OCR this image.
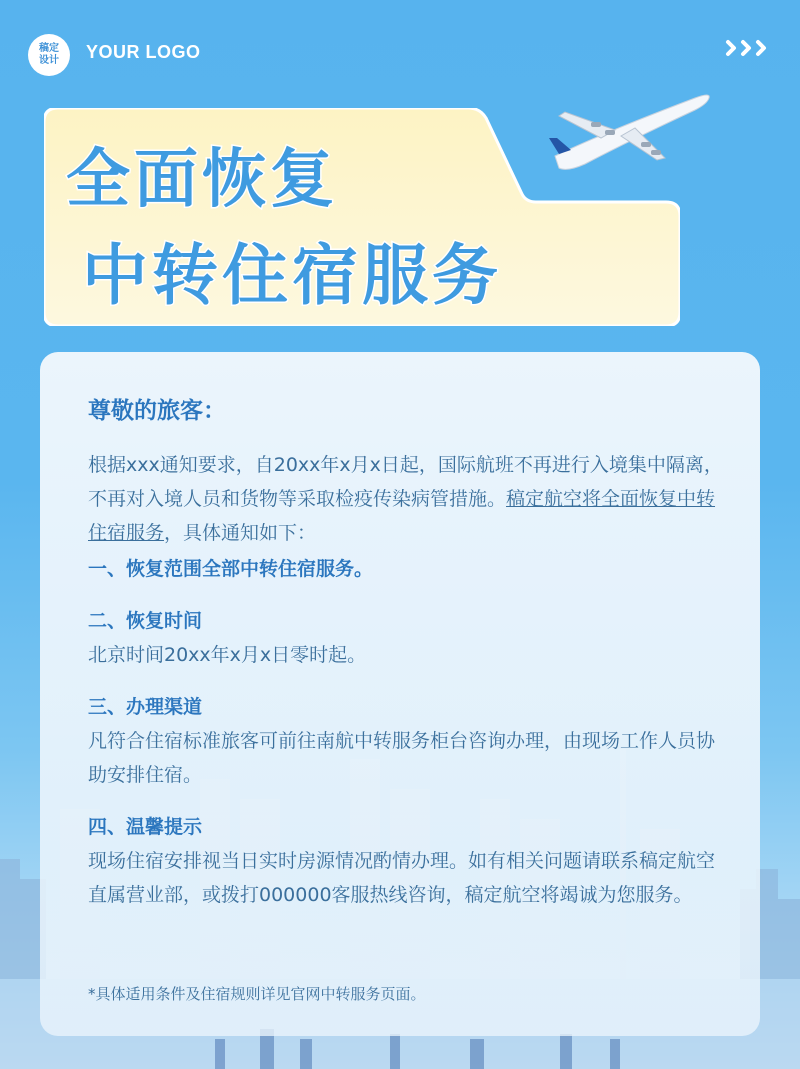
稿定
设计 YOUR LOGO
全面恢复
中转住宿服务
尊敬的旅客：
根据xxx通知要求，自20xx年x月x日起，国际航班不再进行入境集中隔离，不再对入境人员和货物等采取检疫传染病管措施。稿定航空将全面恢复中转住宿服务，具体通知如下：
一、恢复范围全部中转住宿服务。
二、恢复时间
北京时间20xx年x月x日零时起。
三、办理渠道
凡符合住宿标准旅客可前往南航中转服务柜台咨询办理，由现场工作人员协助安排住宿。
四、温馨提示
现场住宿安排视当日实时房源情况酌情办理。如有相关问题请联系稿定航空直属营业部，或拨打000000客服热线咨询，稿定航空将竭诚为您服务。
*具体适用条件及住宿规则详见官网中转服务页面。
